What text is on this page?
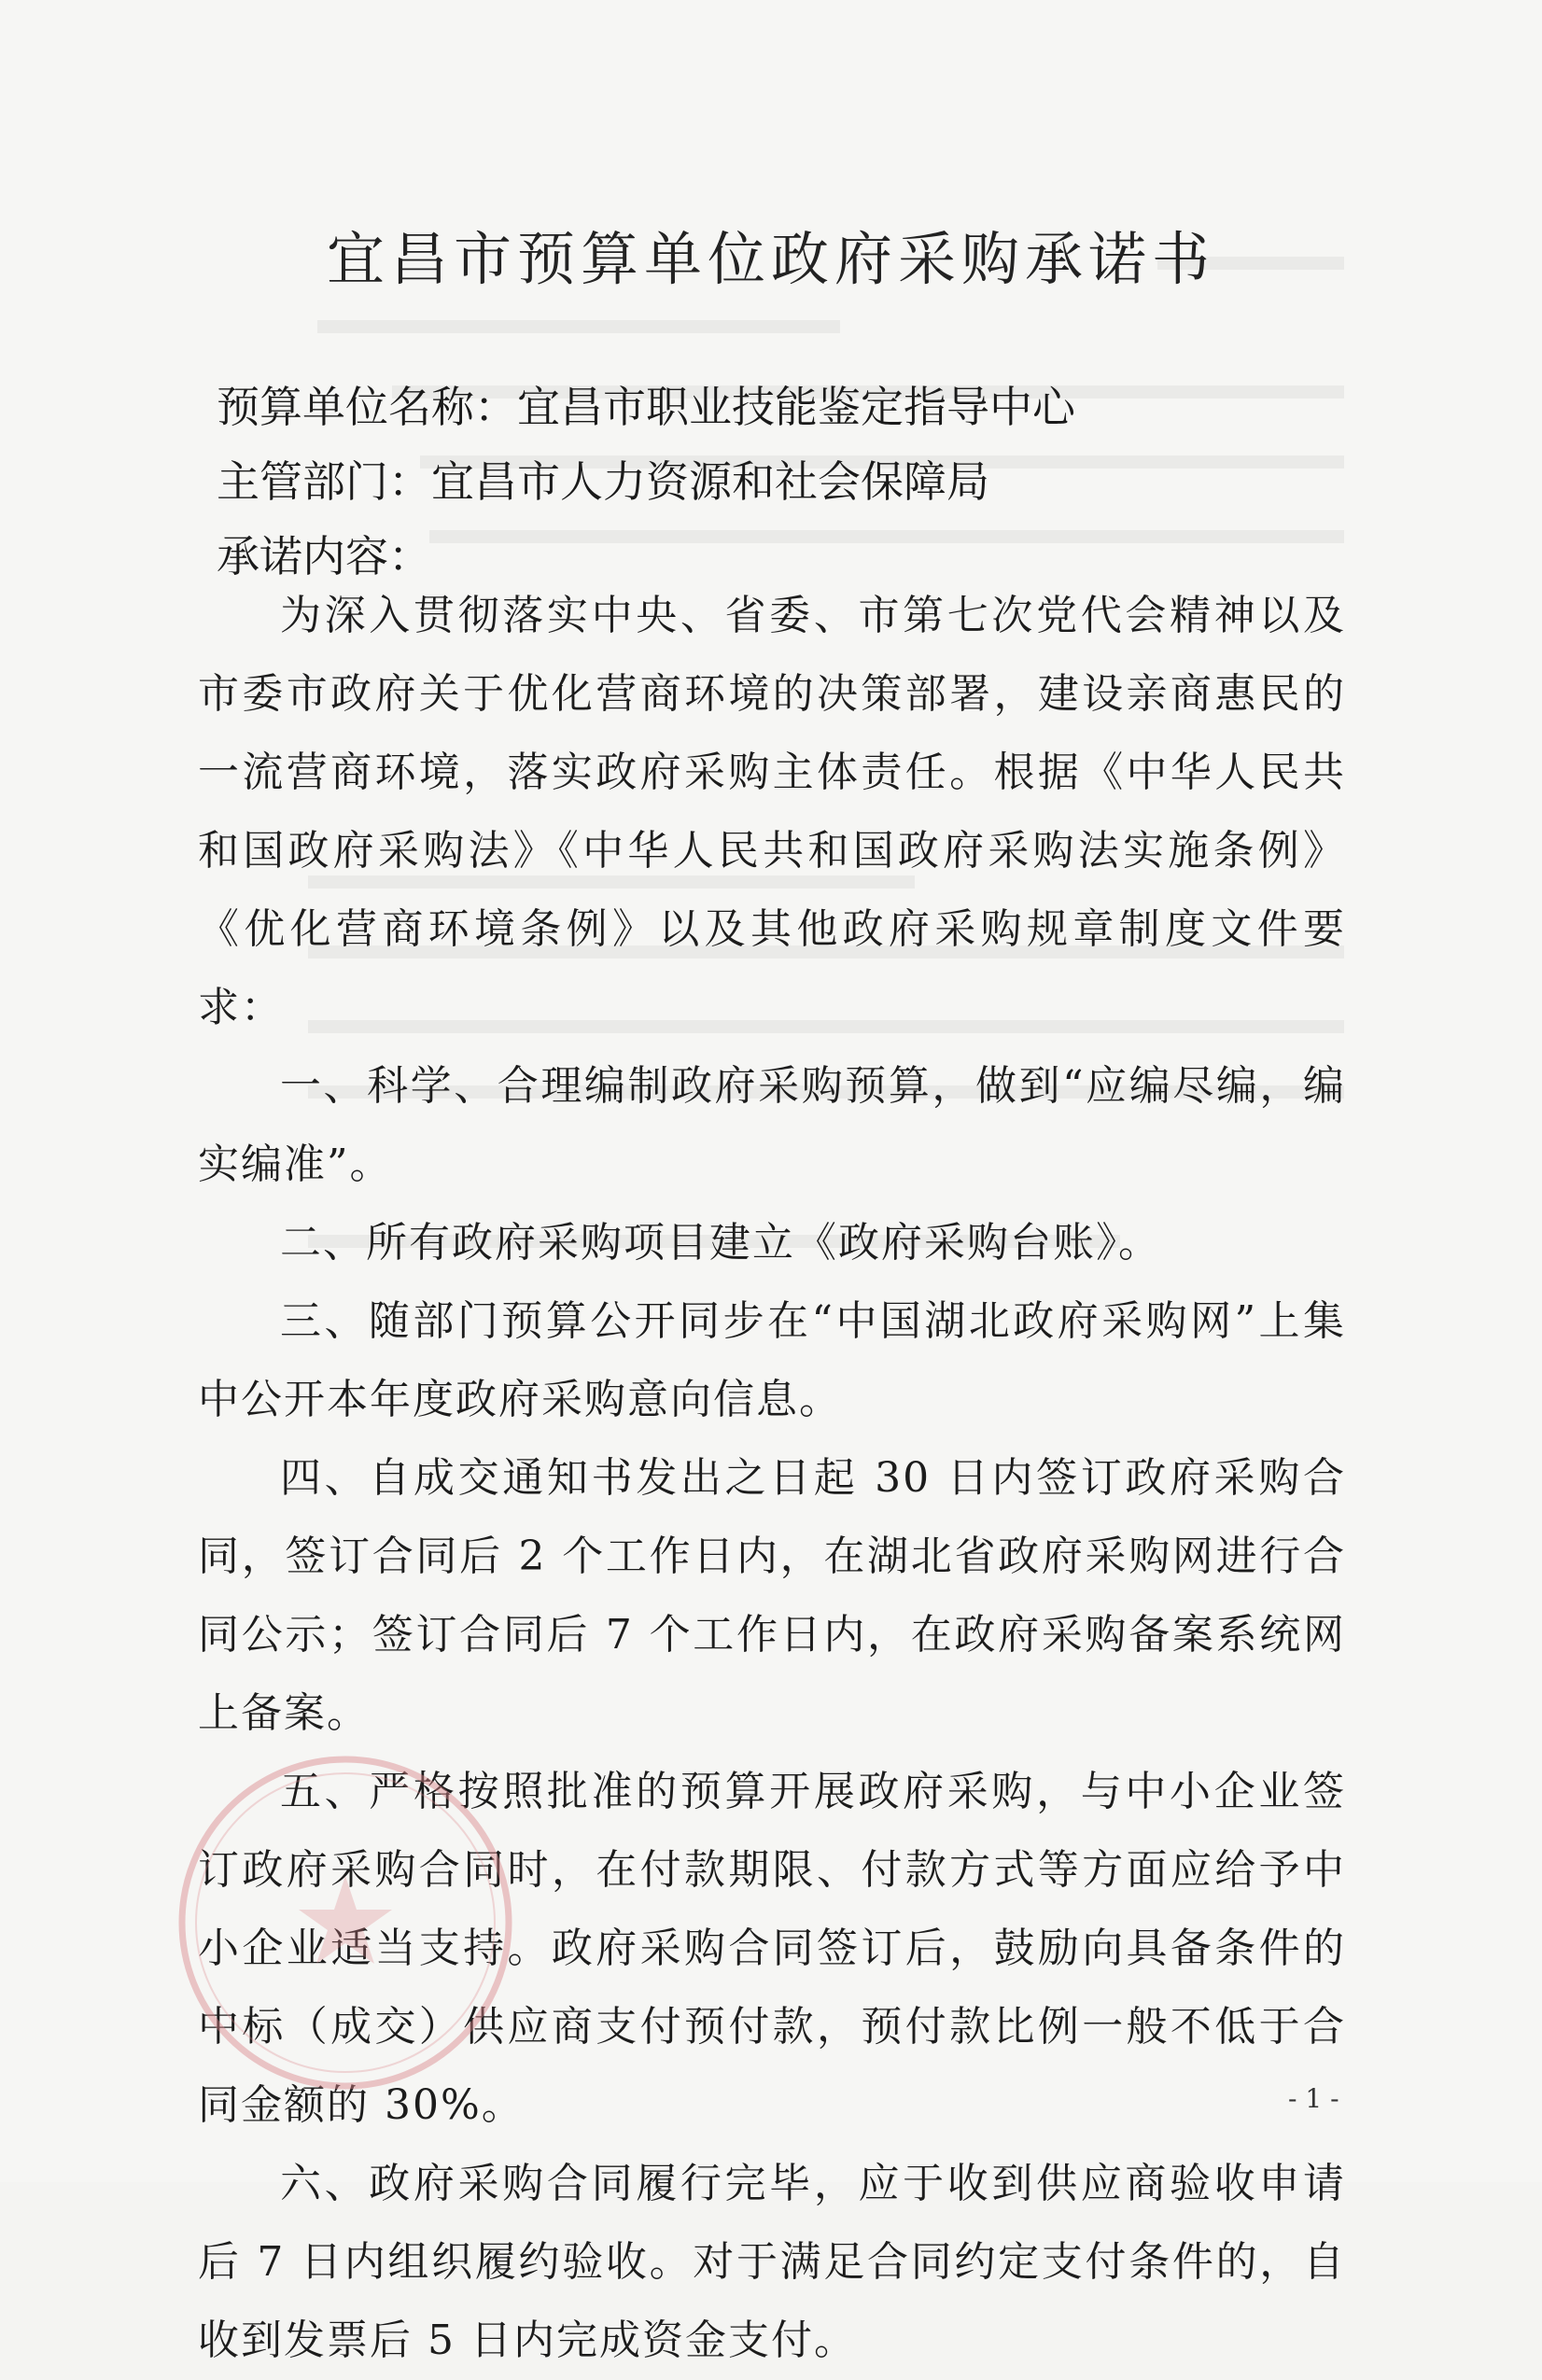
宜昌市预算单位政府采购承诺书
预算单位名称：宜昌市职业技能鉴定指导中心
主管部门：宜昌市人力资源和社会保障局
承诺内容：

为深入贯彻落实中央、省委、市第七次党代会精神以及市委市政府关于优化营商环境的决策部署，建设亲商惠民的一流营商环境，落实政府采购主体责任。根据《中华人民共和国政府采购法》《中华人民共和国政府采购法实施条例》《优化营商环境条例》以及其他政府采购规章制度文件要求：

一、科学、合理编制政府采购预算，做到“应编尽编，编实编准”。

二、所有政府采购项目建立《政府采购台账》。

三、随部门预算公开同步在“中国湖北政府采购网”上集中公开本年度政府采购意向信息。

四、自成交通知书发出之日起 30 日内签订政府采购合同，签订合同后 2 个工作日内，在湖北省政府采购网进行合同公示；签订合同后 7 个工作日内，在政府采购备案系统网上备案。

五、严格按照批准的预算开展政府采购，与中小企业签订政府采购合同时，在付款期限、付款方式等方面应给予中小企业适当支持。政府采购合同签订后，鼓励向具备条件的中标（成交）供应商支付预付款，预付款比例一般不低于合同金额的 30%。

六、政府采购合同履行完毕，应于收到供应商验收申请后 7 日内组织履约验收。对于满足合同约定支付条件的，自收到发票后 5 日内完成资金支付。

- 1 -
